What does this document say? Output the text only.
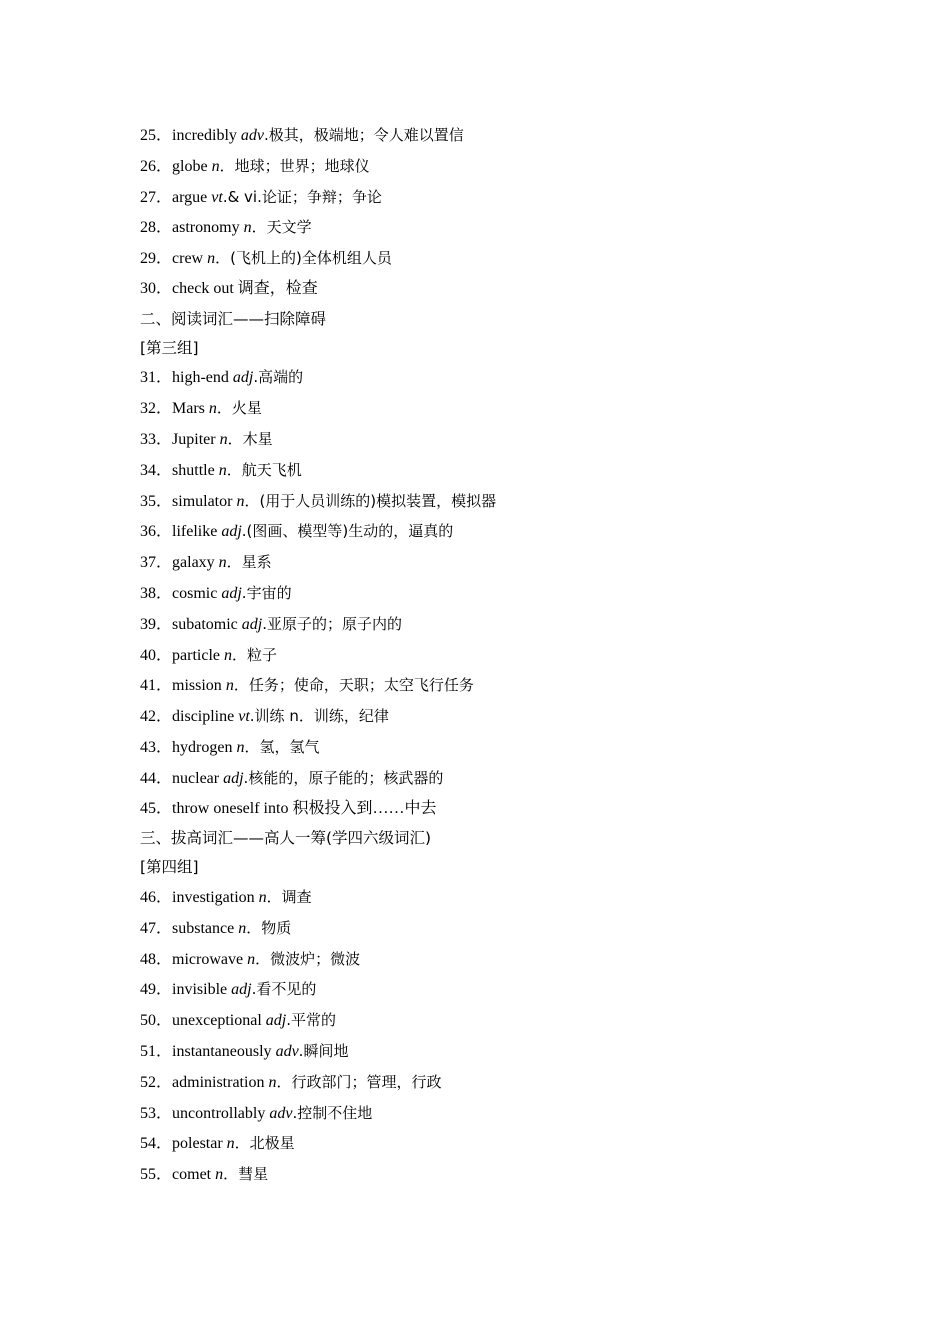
25．incredibly adv.极其，极端地；令人难以置信
26．globe n．地球；世界；地球仪
27．argue vt.& vi.论证；争辩；争论
28．astronomy n．天文学
29．crew n．(飞机上的)全体机组人员
30．check out 调查，检查
二、阅读词汇——扫除障碍
[第三组]
31．high-end adj.高端的
32．Mars n．火星
33．Jupiter n．木星
34．shuttle n．航天飞机
35．simulator n．(用于人员训练的)模拟装置，模拟器
36．lifelike adj.(图画、模型等)生动的，逼真的
37．galaxy n．星系
38．cosmic adj.宇宙的
39．subatomic adj.亚原子的；原子内的
40．particle n．粒子
41．mission n．任务；使命，天职；太空飞行任务
42．discipline vt.训练 n．训练，纪律
43．hydrogen n．氢，氢气
44．nuclear adj.核能的，原子能的；核武器的
45．throw oneself into 积极投入到……中去
三、拔高词汇——高人一筹(学四六级词汇)
[第四组]
46．investigation n．调查
47．substance n．物质
48．microwave n．微波炉；微波
49．invisible adj.看不见的
50．unexceptional adj.平常的
51．instantaneously adv.瞬间地
52．administration n．行政部门；管理，行政
53．uncontrollably adv.控制不住地
54．polestar n．北极星
55．comet n．彗星
